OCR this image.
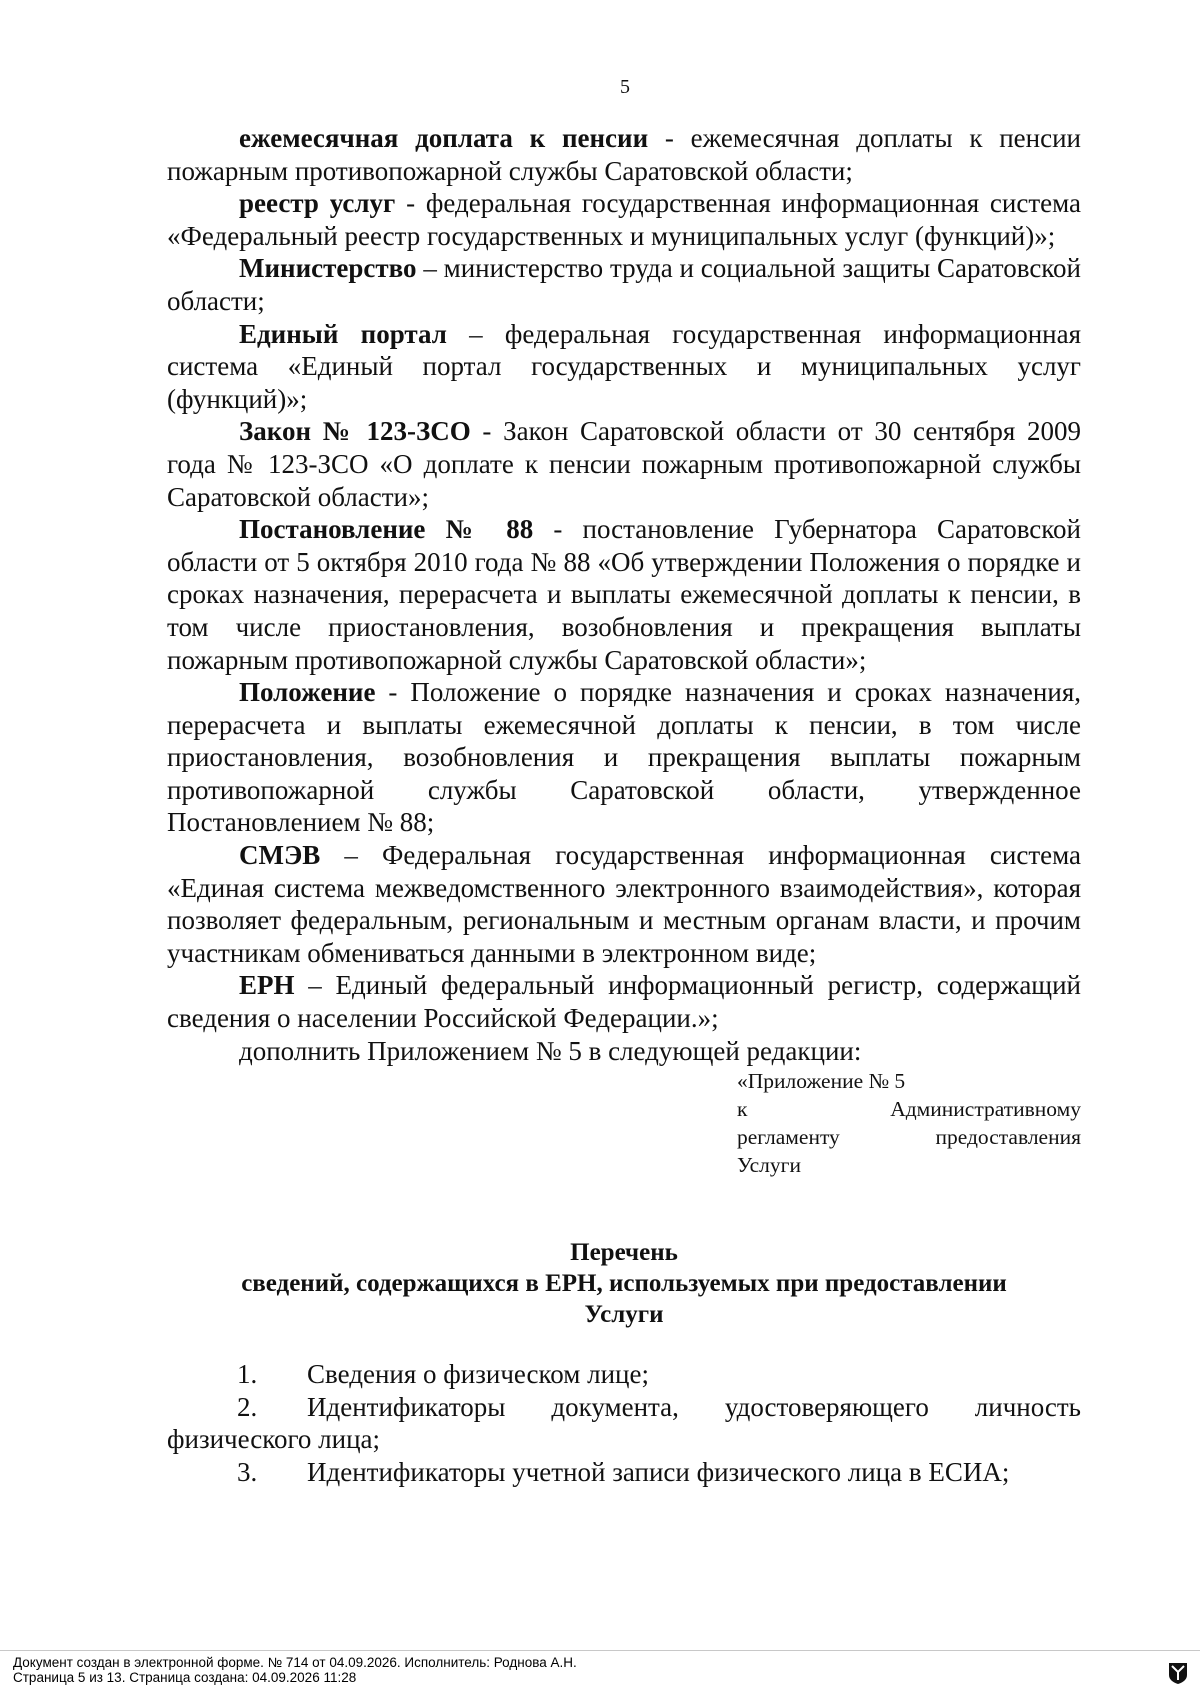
5

ежемесячная доплата к пенсии - ежемесячная доплаты к пенсии пожарным противопожарной службы Саратовской области;

реестр услуг - федеральная государственная информационная система «Федеральный реестр государственных и муниципальных услуг (функций)»;

Министерство – министерство труда и социальной защиты Саратовской области;

Единый портал – федеральная государственная информационная система «Единый портал государственных и муниципальных услуг (функций)»;

Закон № 123-ЗСО - Закон Саратовской области от 30 сентября 2009 года № 123-ЗСО «О доплате к пенсии пожарным противопожарной службы Саратовской области»;

Постановление № 88 - постановление Губернатора Саратовской области от 5 октября 2010 года № 88 «Об утверждении Положения о порядке и сроках назначения, перерасчета и выплаты ежемесячной доплаты к пенсии, в том числе приостановления, возобновления и прекращения выплаты пожарным противопожарной службы Саратовской области»;

Положение - Положение о порядке назначения и сроках назначения, перерасчета и выплаты ежемесячной доплаты к пенсии, в том числе приостановления, возобновления и прекращения выплаты пожарным противопожарной службы Саратовской области, утвержденное Постановлением № 88;

СМЭВ – Федеральная государственная информационная система «Единая система межведомственного электронного взаимодействия», которая позволяет федеральным, региональным и местным органам власти, и прочим участникам обмениваться данными в электронном виде;

ЕРН – Единый федеральный информационный регистр, содержащий сведения о населении Российской Федерации.»;

дополнить Приложением № 5 в следующей редакции:

«Приложение № 5
к Административному
регламенту предоставления
Услуги
Перечень
сведений, содержащихся в ЕРН, используемых при предоставлении
Услуги

1. Сведения о физическом лице;

2. Идентификаторы документа, удостоверяющего личность физического лица;

3. Идентификаторы учетной записи физического лица в ЕСИА;

Документ создан в электронной форме. № 714 от 04.09.2026. Исполнитель: Роднова А.Н.
Страница 5 из 13. Страница создана: 04.09.2026 11:28
